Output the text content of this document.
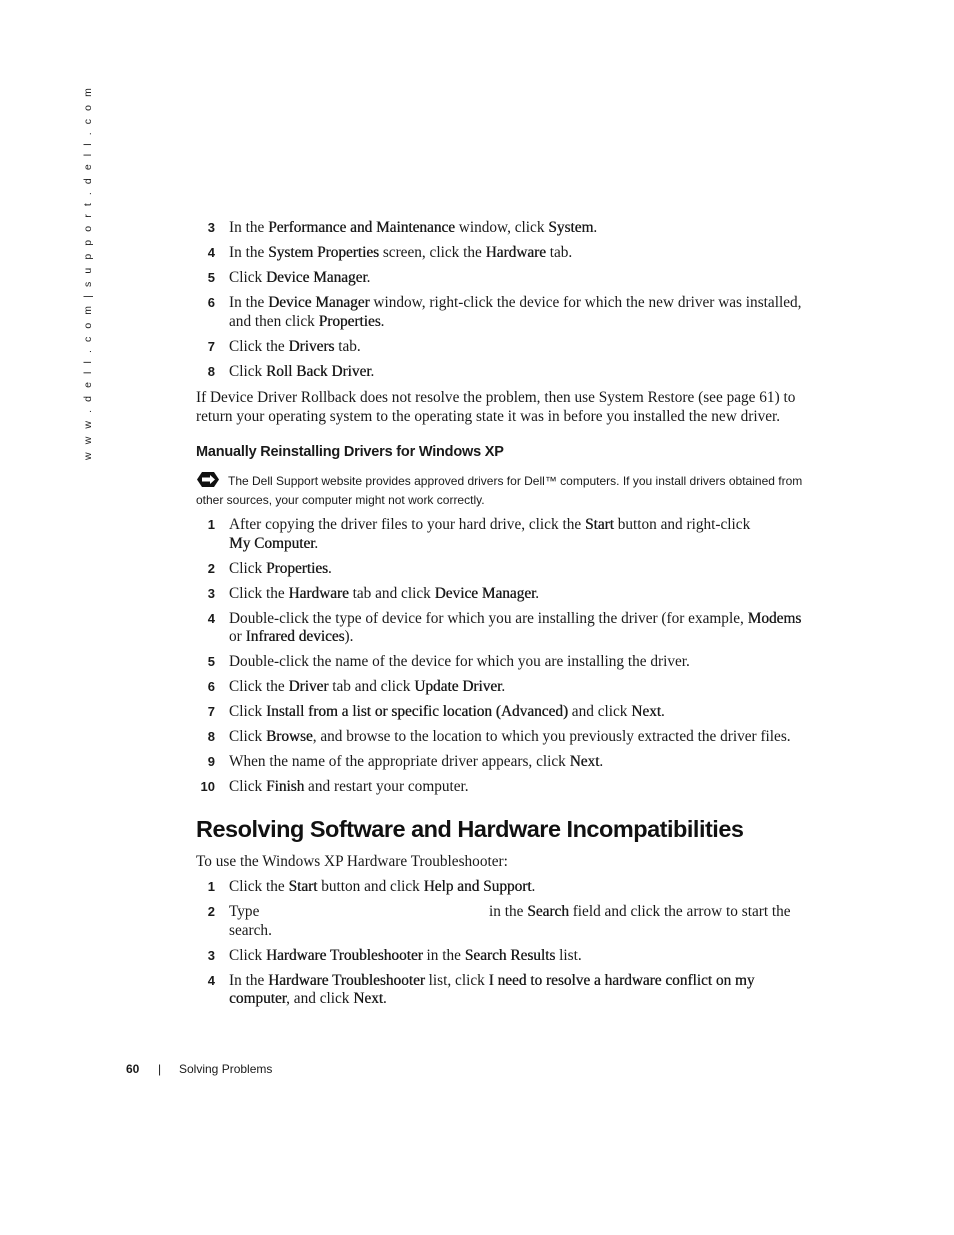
w w w . d e l l . c o m | s u p p o r t . d e l l . c o m	3 In the Performance and Maintenance window, click System.
4 In the System Properties screen, click the Hardware tab.
5 Click Device Manager.
6 In the Device Manager window, right-click the device for which the new driver was installed, and then click Properties.
7 Click the Drivers tab.
8 Click Roll Back Driver.

If Device Driver Rollback does not resolve the problem, then use System Restore (see page 61) to return your operating system to the operating state it was in before you installed the new driver.

Manually Reinstalling Drivers for Windows XP

The Dell Support website provides approved drivers for Dell™ computers. If you install drivers obtained from other sources, your computer might not work correctly.

1 After copying the driver files to your hard drive, click the Start button and right-click
My Computer.
2 Click Properties.
3 Click the Hardware tab and click Device Manager.
4 Double-click the type of device for which you are installing the driver (for example, Modems or Infrared devices).
5 Double-click the name of the device for which you are installing the driver.
6 Click the Driver tab and click Update Driver.
7 Click Install from a list or specific location (Advanced) and click Next.
8 Click Browse, and browse to the location to which you previously extracted the driver files.
9 When the name of the appropriate driver appears, click Next.
10 Click Finish and restart your computer.
Resolving Software and Hardware Incompatibilities

To use the Windows XP Hardware Troubleshooter:

1 Click the Start button and click Help and Support.
2 Type	in the Search field and click the arrow to start the search.
3 Click Hardware Troubleshooter in the Search Results list.
4 In the Hardware Troubleshooter list, click I need to resolve a hardware conflict on my computer, and click Next.
60 | Solving Problems
